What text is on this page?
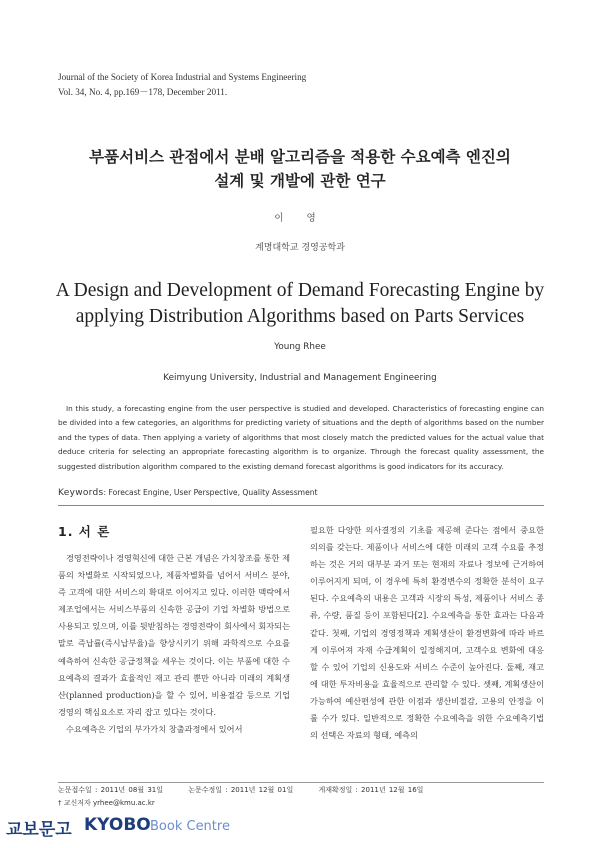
Journal of the Society of Korea Industrial and Systems Engineering
Vol. 34, No. 4, pp.169－178, December 2011.
부품서비스 관점에서 분배 알고리즘을 적용한 수요예측 엔진의
설계 및 개발에 관한 연구
이 영
계명대학교 경영공학과
A Design and Development of Demand Forecasting Engine by
applying Distribution Algorithms based on Parts Services
Young Rhee
Keimyung University, Industrial and Management Engineering
In this study, a forecasting engine from the user perspective is studied and developed. Characteristics of forecasting engine can be divided into a few categories, an algorithms for predicting variety of situations and the depth of algorithms based on the number and the types of data. Then applying a variety of algorithms that most closely match the predicted values for the actual value that deduce criteria for selecting an appropriate forecasting algorithm is to organize. Through the forecast quality assessment, the suggested distribution algorithm compared to the existing demand forecast algorithms is good indicators for its accuracy.
Keywords: Forecast Engine, User Perspective, Quality Assessment
1. 서 론

경영전략이나 경영혁신에 대한 근본 개념은 가치창조를 통한 제품의 차별화로 시작되었으나, 제품차별화를 넘어서 서비스 분야, 즉 고객에 대한 서비스의 확대로 이어지고 있다. 이러한 맥락에서 제조업에서는 서비스부품의 신속한 공급이 기업 차별화 방법으로 사용되고 있으며, 이를 뒷받침하는 경영전략이 회사에서 회자되는 말로 즉납률(즉시납부율)을 향상시키기 위해 과학적으로 수요를 예측하여 신속한 공급정책을 세우는 것이다. 이는 부품에 대한 수요예측의 결과가 효율적인 재고 관리 뿐만 아니라 미래의 계획생산(planned production)을 할 수 있어, 비용절감 등으로 기업경영의 핵심요소로 자리 잡고 있다는 것이다.

수요예측은 기업의 부가가치 창출과정에서 있어서

필요한 다양한 의사결정의 기초를 제공해 준다는 점에서 중요한 의의를 갖는다. 제품이나 서비스에 대한 미래의 고객 수요를 추정하는 것은 거의 대부분 과거 또는 현재의 자료나 정보에 근거하여 이루어지게 되며, 이 경우에 특히 환경변수의 정확한 분석이 요구된다. 수요예측의 내용은 고객과 시장의 특성, 제품이나 서비스 종류, 수량, 품질 등이 포함된다[2]. 수요예측을 통한 효과는 다음과 같다. 첫째, 기업의 경영정책과 계획생산이 환경변화에 따라 바르게 이루어져 자재 수급계획이 일정해지며, 고객수요 변화에 대응할 수 있어 기업의 신용도와 서비스 수준이 높아진다. 둘째, 재고에 대한 투자비용을 효율적으로 관리할 수 있다. 셋째, 계획생산이 가능하여 예산편성에 관한 이점과 생산비절감, 고용의 안정을 이룰 수가 있다. 일반적으로 정확한 수요예측을 위한 수요예측기법의 선택은 자료의 형태, 예측의

논문접수일 : 2011년 08월 31일	논문수정일 : 2011년 12월 01일	게재확정일 : 2011년 12월 16일
† 교신저자 yrhee@kmu.ac.kr
교보문고 KYOBO Book Centre
